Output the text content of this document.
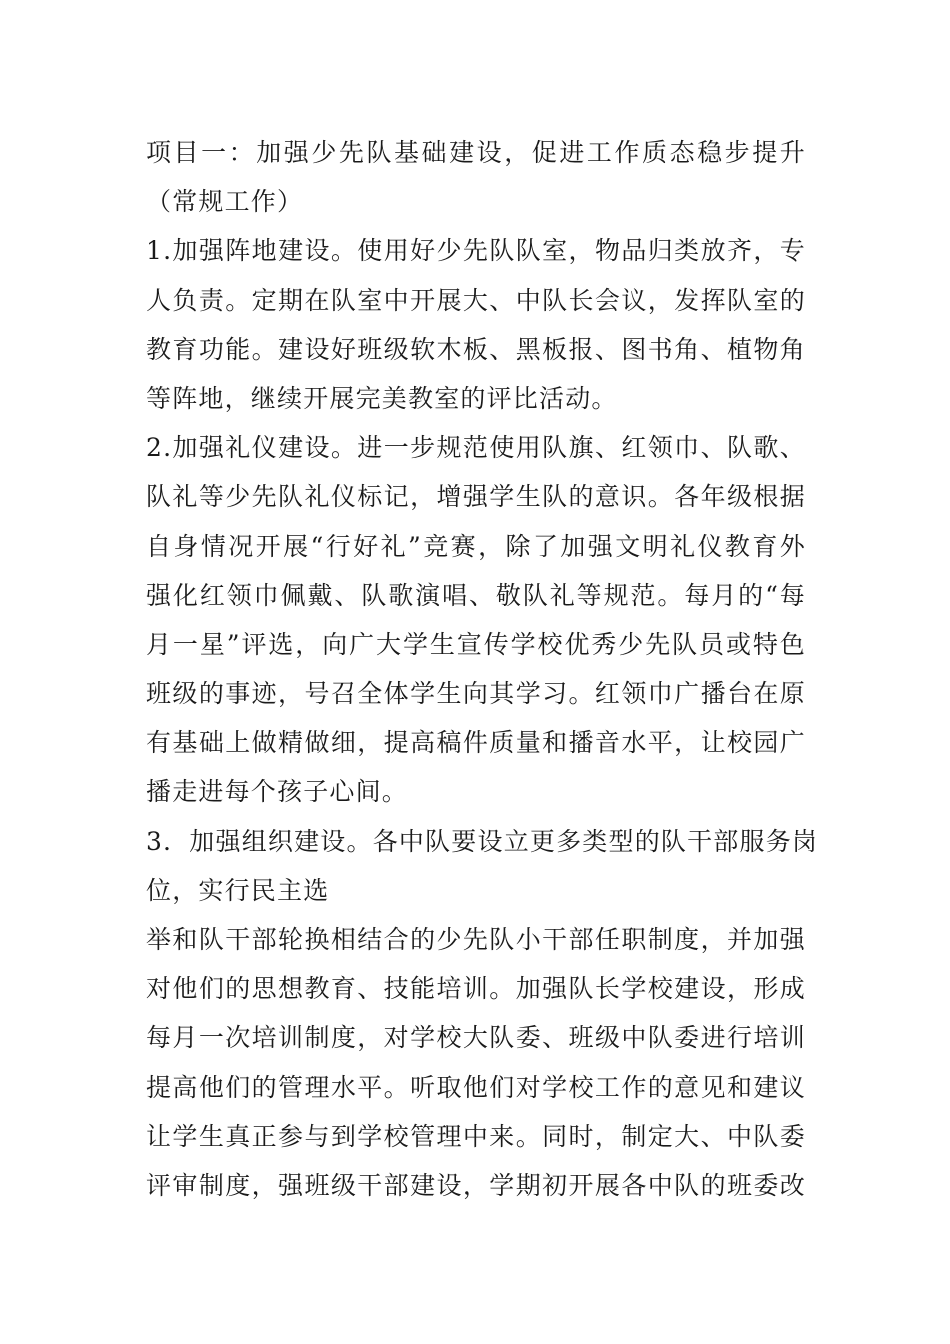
项目一：加强少先队基础建设，促进工作质态稳步提升
（常规工作）
1.加强阵地建设。使用好少先队队室，物品归类放齐，专
人负责。定期在队室中开展大、中队长会议，发挥队室的
教育功能。建设好班级软木板、黑板报、图书角、植物角
等阵地，继续开展完美教室的评比活动。
2.加强礼仪建设。进一步规范使用队旗、红领巾、队歌、
队礼等少先队礼仪标记，增强学生队的意识。各年级根据
自身情况开展“行好礼”竞赛，除了加强文明礼仪教育外
强化红领巾佩戴、队歌演唱、敬队礼等规范。每月的“每
月一星”评选，向广大学生宣传学校优秀少先队员或特色
班级的事迹，号召全体学生向其学习。红领巾广播台在原
有基础上做精做细，提高稿件质量和播音水平，让校园广
播走进每个孩子心间。
3．加强组织建设。各中队要设立更多类型的队干部服务岗
位，实行民主选
举和队干部轮换相结合的少先队小干部任职制度，并加强
对他们的思想教育、技能培训。加强队长学校建设，形成
每月一次培训制度，对学校大队委、班级中队委进行培训
提高他们的管理水平。听取他们对学校工作的意见和建议
让学生真正参与到学校管理中来。同时，制定大、中队委
评审制度，强班级干部建设，学期初开展各中队的班委改
